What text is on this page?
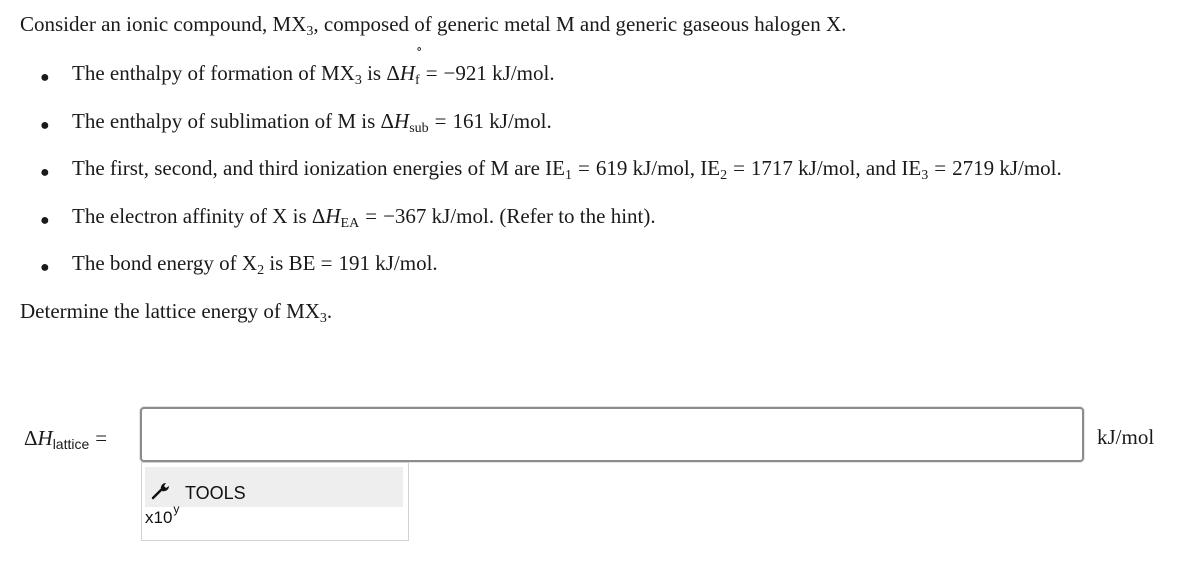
Consider an ionic compound, $MX_3$, composed of generic metal M and generic gaseous halogen X.
● The enthalpy of formation of $MX_3$ is ΔH
∘
$_f$ = −921 kJ/mol.
● The enthalpy of sublimation of M is $\Delta H_{sub} = 161$ kJ/mol.
● The first, second, and third ionization energies of M are $IE_1 = 619$ kJ/mol, $IE_2 = 1717$ kJ/mol, and $IE_3 = 2719$ kJ/mol.
● The electron affinity of X is $\Delta H_{EA} = -367$ kJ/mol. (Refer to the hint).
● The bond energy of $X_2$ is BE = 191 kJ/mol.
Determine the lattice energy of $MX_3$.
$\Delta H_{lattice}$ =	kJ/mol
TOOLS
x10$^y$
